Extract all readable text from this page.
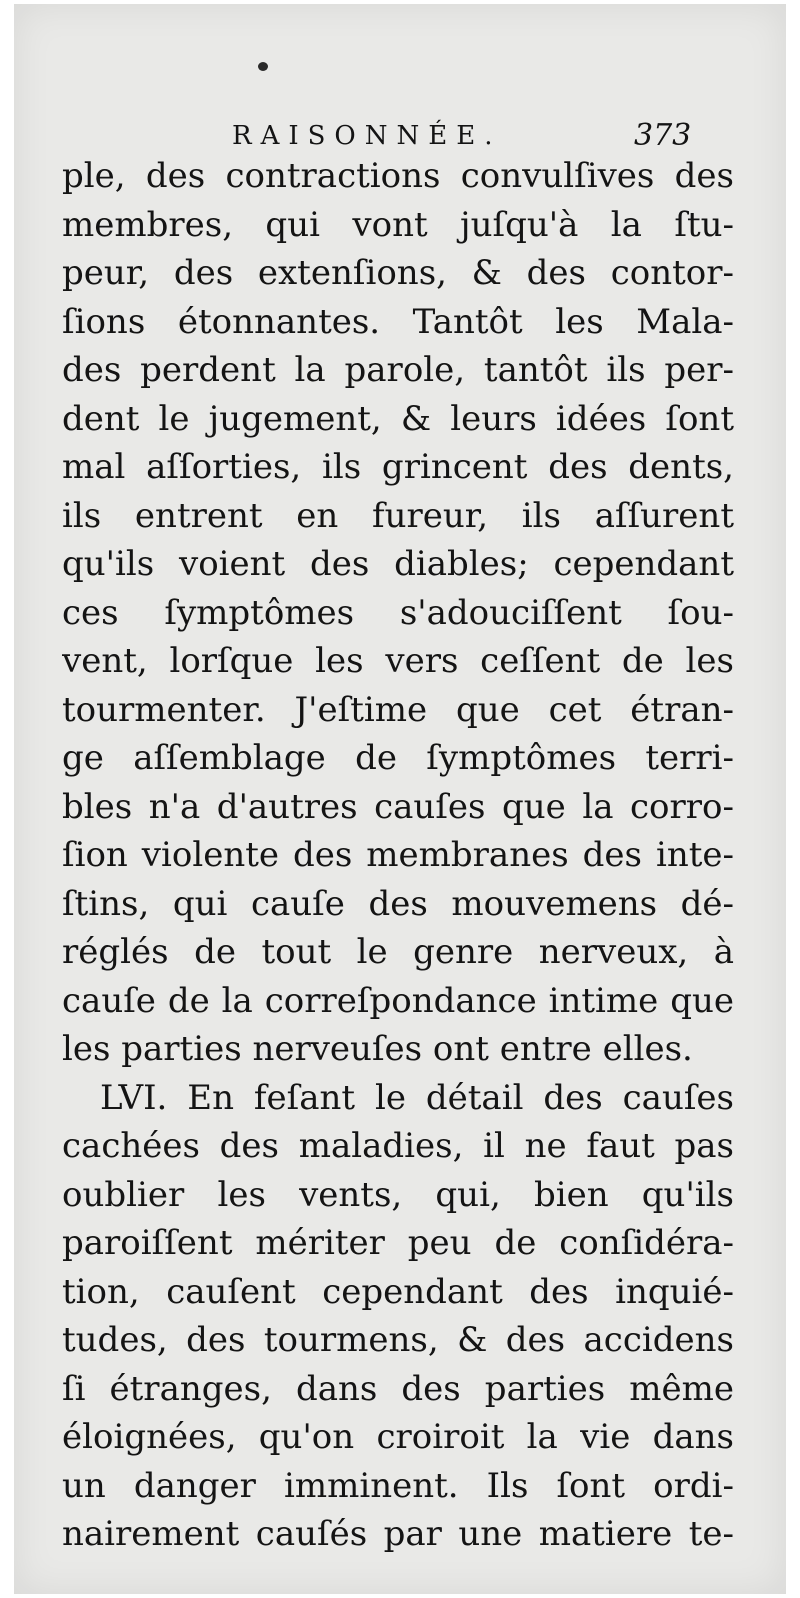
RAISONNÉE.	373
ple, des contractions convulſives des
membres, qui vont juſqu'à la ſtu-
peur, des extenſions, & des contor-
ſions étonnantes. Tantôt les Mala-
des perdent la parole, tantôt ils per-
dent le jugement, & leurs idées ſont
mal aſſorties, ils grincent des dents,
ils entrent en fureur, ils aſſurent
qu'ils voient des diables; cependant
ces ſymptômes s'adouciſſent ſou-
vent, lorſque les vers ceſſent de les
tourmenter. J'eſtime que cet étran-
ge aſſemblage de ſymptômes terri-
bles n'a d'autres cauſes que la corro-
ſion violente des membranes des inte-
ſtins, qui cauſe des mouvemens dé-
réglés de tout le genre nerveux, à
cauſe de la correſpondance intime que
les parties nerveuſes ont entre elles.
LVI. En feſant le détail des cauſes
cachées des maladies, il ne faut pas
oublier les vents, qui, bien qu'ils
paroiſſent mériter peu de conſidéra-
tion, cauſent cependant des inquié-
tudes, des tourmens, & des accidens
ſi étranges, dans des parties même
éloignées, qu'on croiroit la vie dans
un danger imminent. Ils ſont ordi-
nairement cauſés par une matiere te-
